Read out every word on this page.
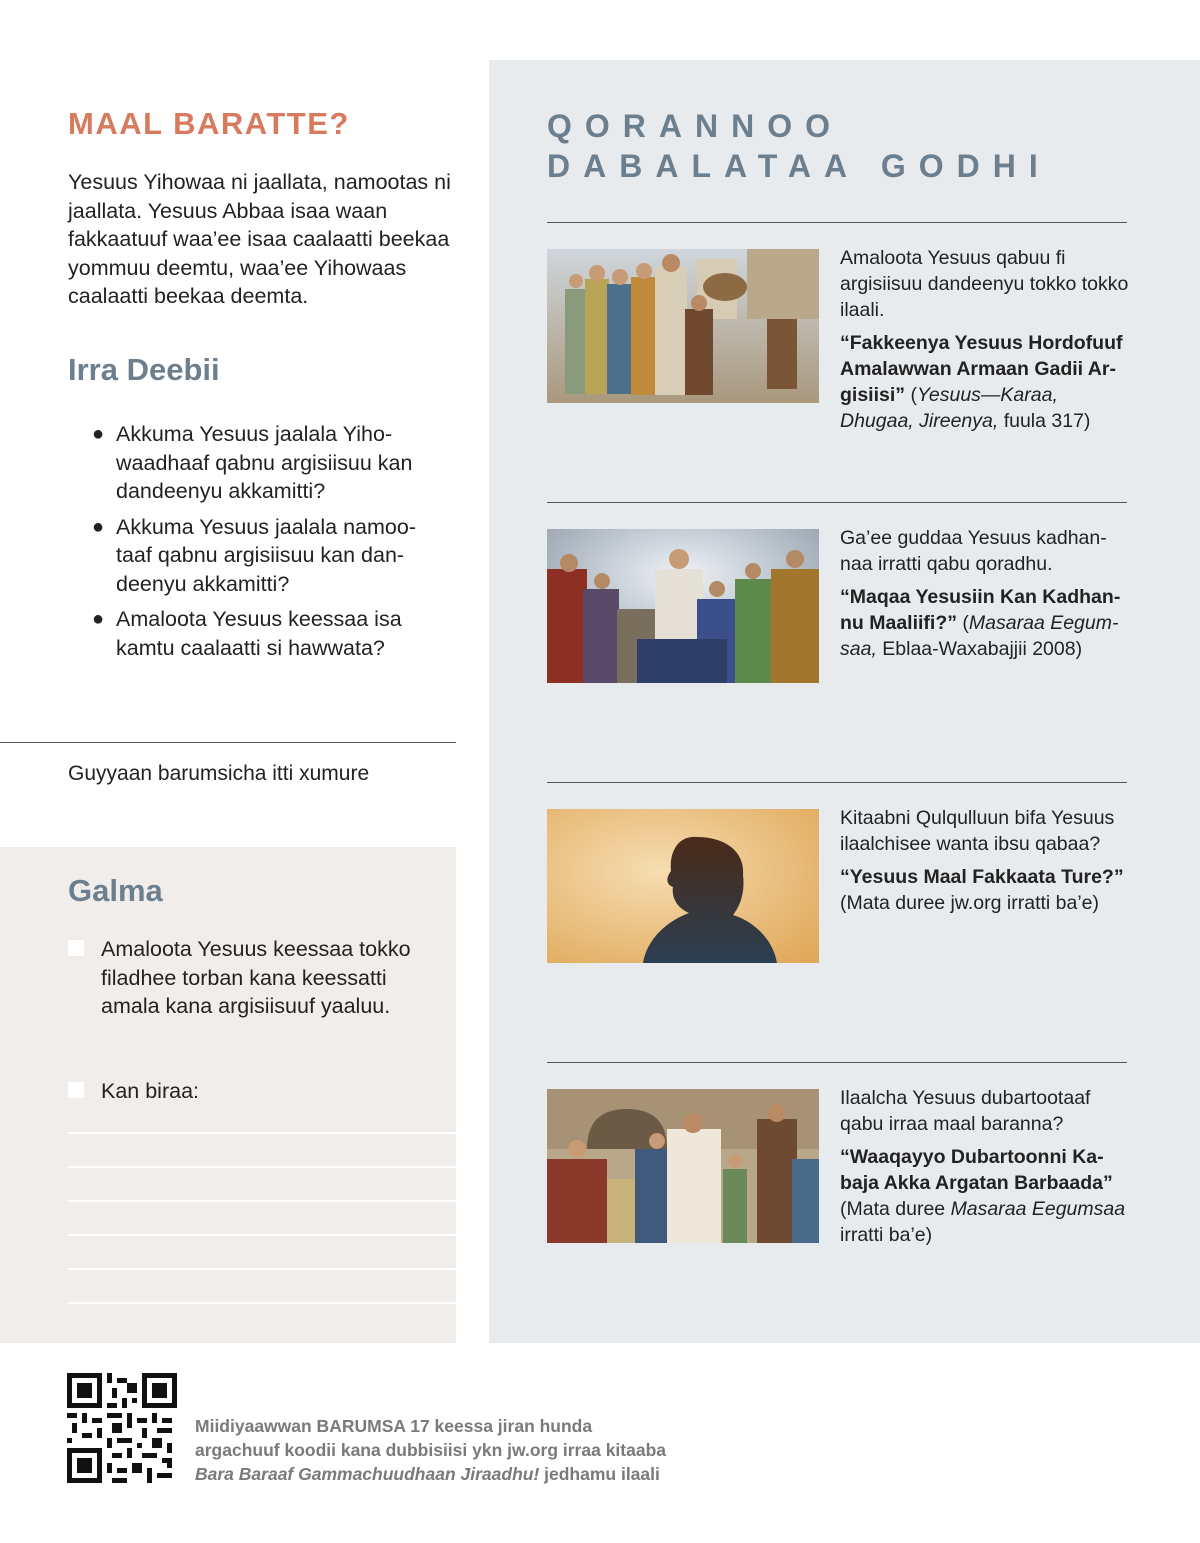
MAAL BARATTE?
Yesuus Yihowaa ni jaallata, namootas ni jaallata. Yesuus Abbaa isaa waan fakkaatuuf waa’ee isaa caalaatti beekaa yommuu deemtu, waa’ee Yihowaas caalaatti beekaa deemta.
Irra Deebii
● Akkuma Yesuus jaalala Yihowaadhaaf qabnu argisiisuu kan dandeenyu akkamitti?
● Akkuma Yesuus jaalala namootaaf qabnu argisiisuu kan dandeenyu akkamitti?
● Amaloota Yesuus keessaa isa kamtu caalaatti si hawwata?
Guyyaan barumsicha itti xumure
Galma
Amaloota Yesuus keessaa tokko filadhee torban kana keessatti amala kana argisiisuuf yaaluu.
Kan biraa:
QORANNOO
DABALATAA GODHI

Amaloota Yesuus qabuu fi argisiisuu dandeenyu tokko tokko ilaali.

“Fakkeenya Yesuus Hordofuuf Amalawwan Armaan Gadii Argisiisi” (Yesuus—Karaa, Dhugaa, Jireenya, fuula 317)

Ga’ee guddaa Yesuus kadhannaa irratti qabu qoradhu.

“Maqaa Yesusiin Kan Kadhannu Maaliifi?” (Masaraa Eegumsaa, Eblaa-Waxabajjii 2008)

Kitaabni Qulqulluun bifa Yesuus ilaalchisee wanta ibsu qabaa?

“Yesuus Maal Fakkaata Ture?”
(Mata duree jw.org irratti ba’e)

Ilaalcha Yesuus dubartootaaf qabu irraa maal baranna?

“Waaqayyo Dubartoonni Kabaja Akka Argatan Barbaada”
(Mata duree Masaraa Eegumsaa irratti ba’e)

Miidiyaawwan BARUMSA 17 keessa jiran hunda
argachuuf koodii kana dubbisiisi ykn jw.org irraa kitaaba
Bara Baraaf Gammachuudhaan Jiraadhu! jedhamu ilaali
